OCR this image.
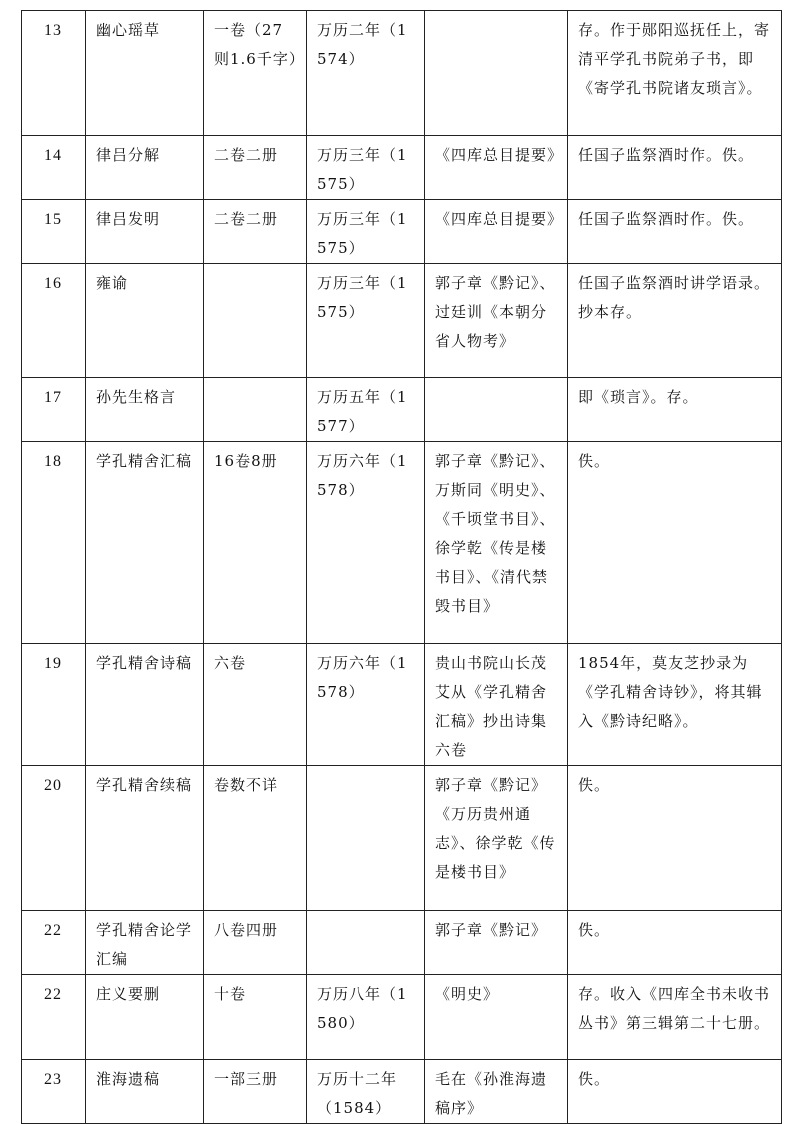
13	幽心瑶草	一卷（27则1.6千字）	万历二年（1574）		存。作于郧阳巡抚任上，寄清平学孔书院弟子书，即《寄学孔书院诸友琐言》。
14	律吕分解	二卷二册	万历三年（1575）	《四库总目提要》	任国子监祭酒时作。佚。
15	律吕发明	二卷二册	万历三年（1575）	《四库总目提要》	任国子监祭酒时作。佚。
16	雍谕		万历三年（1575）	郭子章《黔记》、过廷训《本朝分省人物考》	任国子监祭酒时讲学语录。抄本存。
17	孙先生格言		万历五年（1577）		即《琐言》。存。
18	学孔精舍汇稿	16卷8册	万历六年（1578）	郭子章《黔记》、万斯同《明史》、《千顷堂书目》、徐学乾《传是楼书目》、《清代禁毁书目》	佚。
19	学孔精舍诗稿	六卷	万历六年（1578）	贵山书院山长茂艾从《学孔精舍汇稿》抄出诗集六卷	1854年，莫友芝抄录为《学孔精舍诗钞》，将其辑入《黔诗纪略》。
20	学孔精舍续稿	卷数不详		郭子章《黔记》《万历贵州通志》、徐学乾《传是楼书目》	佚。
22	学孔精舍论学汇编	八卷四册		郭子章《黔记》	佚。
22	庄义要删	十卷	万历八年（1580）	《明史》	存。收入《四库全书未收书丛书》第三辑第二十七册。
23	淮海遗稿	一部三册	万历十二年（1584）	毛在《孙淮海遗稿序》	佚。
